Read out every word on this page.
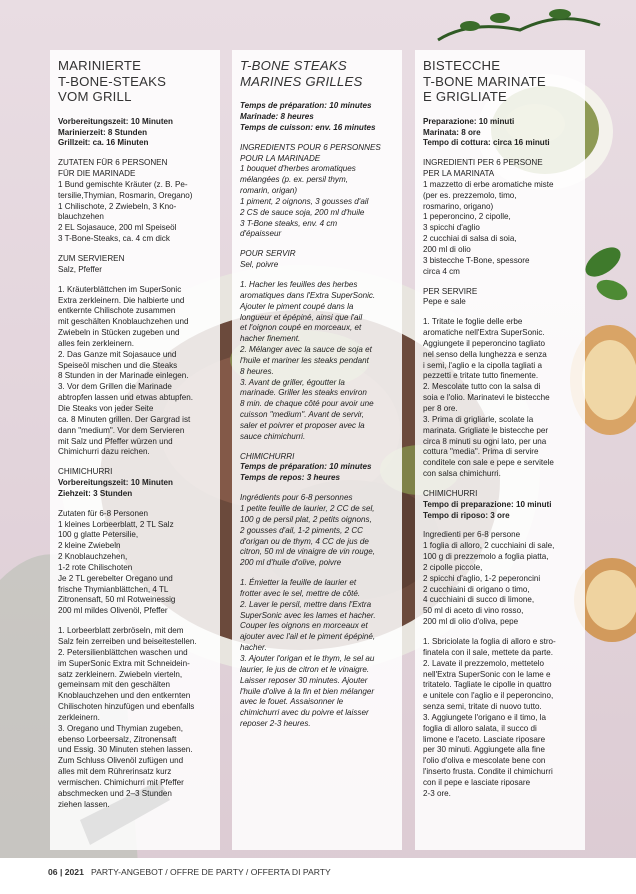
MARINIERTE
T-BONE-STEAKS
VOM GRILL
Vorbereitungszeit: 10 Minuten
Marinierzeit: 8 Stunden
Grillzeit: ca. 16 Minuten
ZUTATEN FÜR 6 PERSONEN
FÜR DIE MARINADE
1 Bund gemischte Kräuter (z. B. Pe-
tersilie,Thymian, Rosmarin, Oregano)
1 Chilischote, 2 Zwiebeln, 3 Kno-
blauchzehen
2 EL Sojasauce, 200 ml Speiseöl
3 T-Bone-Steaks, ca. 4 cm dick
ZUM SERVIEREN
Salz, Pfeffer
1. Kräuterblättchen im SuperSonic
Extra zerkleinern. Die halbierte und
entkernte Chilischote zusammen
mit geschälten Knoblauchzehen und
Zwiebeln in Stücken zugeben und
alles fein zerkleinern.
2. Das Ganze mit Sojasauce und
Speiseöl mischen und die Steaks
8 Stunden in der Marinade einlegen.
3. Vor dem Grillen die Marinade
abtropfen lassen und etwas abtupfen.
Die Steaks von jeder Seite
ca. 8 Minuten grillen. Der Gargrad ist
dann "medium". Vor dem Servieren
mit Salz und Pfeffer würzen und
Chimichurri dazu reichen.
CHIMICHURRI
Vorbereitungszeit: 10 Minuten
Ziehzeit: 3 Stunden
Zutaten für 6-8 Personen
1 kleines Lorbeerblatt, 2 TL Salz
100 g glatte Petersilie,
2 kleine Zwiebeln
2 Knoblauchzehen,
1-2 rote Chilischoten
Je 2 TL gerebelter Oregano und
frische Thymianblättchen, 4 TL
Zitronensaft, 50 ml Rotweinessig
200 ml mildes Olivenöl, Pfeffer
1. Lorbeerblatt zerbröseln, mit dem
Salz fein zerreiben und beiseitestellen.
2. Petersilienblättchen waschen und
im SuperSonic Extra mit Schneidein-
satz zerkleinern. Zwiebeln vierteln,
gemeinsam mit den geschälten
Knoblauchzehen und den entkernten
Chilischoten hinzufügen und ebenfalls
zerkleinern.
3. Oregano und Thymian zugeben,
ebenso Lorbeersalz, Zitronensaft
und Essig. 30 Minuten stehen lassen.
Zum Schluss Olivenöl zufügen und
alles mit dem Rührerinsatz kurz
vermischen. Chimichurri mit Pfeffer
abschmecken und 2–3 Stunden
ziehen lassen.
T-BONE STEAKS
MARINES GRILLES
Temps de préparation: 10 minutes
Marinade: 8 heures
Temps de cuisson: env. 16 minutes
INGREDIENTS POUR 6 PERSONNES
POUR LA MARINADE
1 bouquet d'herbes aromatiques
mélangées (p. ex. persil thym,
romarin, origan)
1 piment, 2 oignons, 3 gousses d'ail
2 CS de sauce soja, 200 ml d'huile
3 T-Bone steaks, env. 4 cm
d'épaisseur
POUR SERVIR
Sel, poivre
1. Hacher les feuilles des herbes
aromatiques dans l'Extra SuperSonic.
Ajouter le piment coupé dans la
longueur et épépiné, ainsi que l'ail
et l'oignon coupé en morceaux, et
hacher finement.
2. Mélanger avec la sauce de soja et
l'huile et mariner les steaks pendant
8 heures.
3. Avant de griller, égoutter la
marinade. Griller les steaks environ
8 min. de chaque côté pour avoir une
cuisson "medium". Avant de servir,
saler et poivrer et proposer avec la
sauce chimichurri.
CHIMICHURRI
Temps de préparation: 10 minutes
Temps de repos: 3 heures
Ingrédients pour 6-8 personnes
1 petite feuille de laurier, 2 CC de sel,
100 g de persil plat, 2 petits oignons,
2 gousses d'ail, 1-2 piments, 2 CC
d'origan ou de thym, 4 CC de jus de
citron, 50 ml de vinaigre de vin rouge,
200 ml d'huile d'olive, poivre
1. Émietter la feuille de laurier et
frotter avec le sel, mettre de côté.
2. Laver le persil, mettre dans l'Extra
SuperSonic avec les lames et hacher.
Couper les oignons en morceaux et
ajouter avec l'ail et le piment épépiné,
hacher.
3. Ajouter l'origan et le thym, le sel au
laurier, le jus de citron et le vinaigre.
Laisser reposer 30 minutes. Ajouter
l'huile d'olive à la fin et bien mélanger
avec le fouet. Assaisonner le
chimichurri avec du poivre et laisser
reposer 2-3 heures.
BISTECCHE
T-BONE MARINATE
E GRIGLIATE
Preparazione: 10 minuti
Marinata: 8 ore
Tempo di cottura: circa 16 minuti
INGREDIENTI PER 6 PERSONE
PER LA MARINATA
1 mazzetto di erbe aromatiche miste
(per es. prezzemolo, timo,
rosmarino, origano)
1 peperoncino, 2 cipolle,
3 spicchi d'aglio
2 cucchiai di salsa di soia,
200 ml di olio
3 bistecche T-Bone, spessore
circa 4 cm
PER SERVIRE
Pepe e sale
1. Tritate le foglie delle erbe
aromatiche nell'Extra SuperSonic.
Aggiungete il peperoncino tagliato
nel senso della lunghezza e senza
i semi, l'aglio e la cipolla tagliati a
pezzetti e tritate tutto finemente.
2. Mescolate tutto con la salsa di
soia e l'olio. Marinatevi le bistecche
per 8 ore.
3. Prima di grigliarle, scolate la
marinata. Grigliate le bistecche per
circa 8 minuti su ogni lato, per una
cottura "media". Prima di servire
conditele con sale e pepe e servitele
con salsa chimichurri.
CHIMICHURRI
Tempo di preparazione: 10 minuti
Tempo di riposo: 3 ore
Ingredienti per 6-8 persone
1 foglia di alloro, 2 cucchiaini di sale,
100 g di prezzemolo a foglia piatta,
2 cipolle piccole,
2 spicchi d'aglio, 1-2 peperoncini
2 cucchiaini di origano o timo,
4 cucchiaini di succo di limone,
50 ml di aceto di vino rosso,
200 ml di olio d'oliva, pepe
1. Sbriciolate la foglia di alloro e stro-
finatela con il sale, mettete da parte.
2. Lavate il prezzemolo, mettetelo
nell'Extra SuperSonic con le lame e
tritatelo. Tagliate le cipolle in quattro
e unitele con l'aglio e il peperoncino,
senza semi, tritate di nuovo tutto.
3. Aggiungete l'origano e il timo, la
foglia di alloro salata, il succo di
limone e l'aceto. Lasciate riposare
per 30 minuti. Aggiungete alla fine
l'olio d'oliva e mescolate bene con
l'inserto frusta. Condite il chimichurri
con il pepe e lasciate riposare
2-3 ore.
06 | 2021 PARTY-ANGEBOT / OFFRE DE PARTY / OFFERTA DI PARTY
